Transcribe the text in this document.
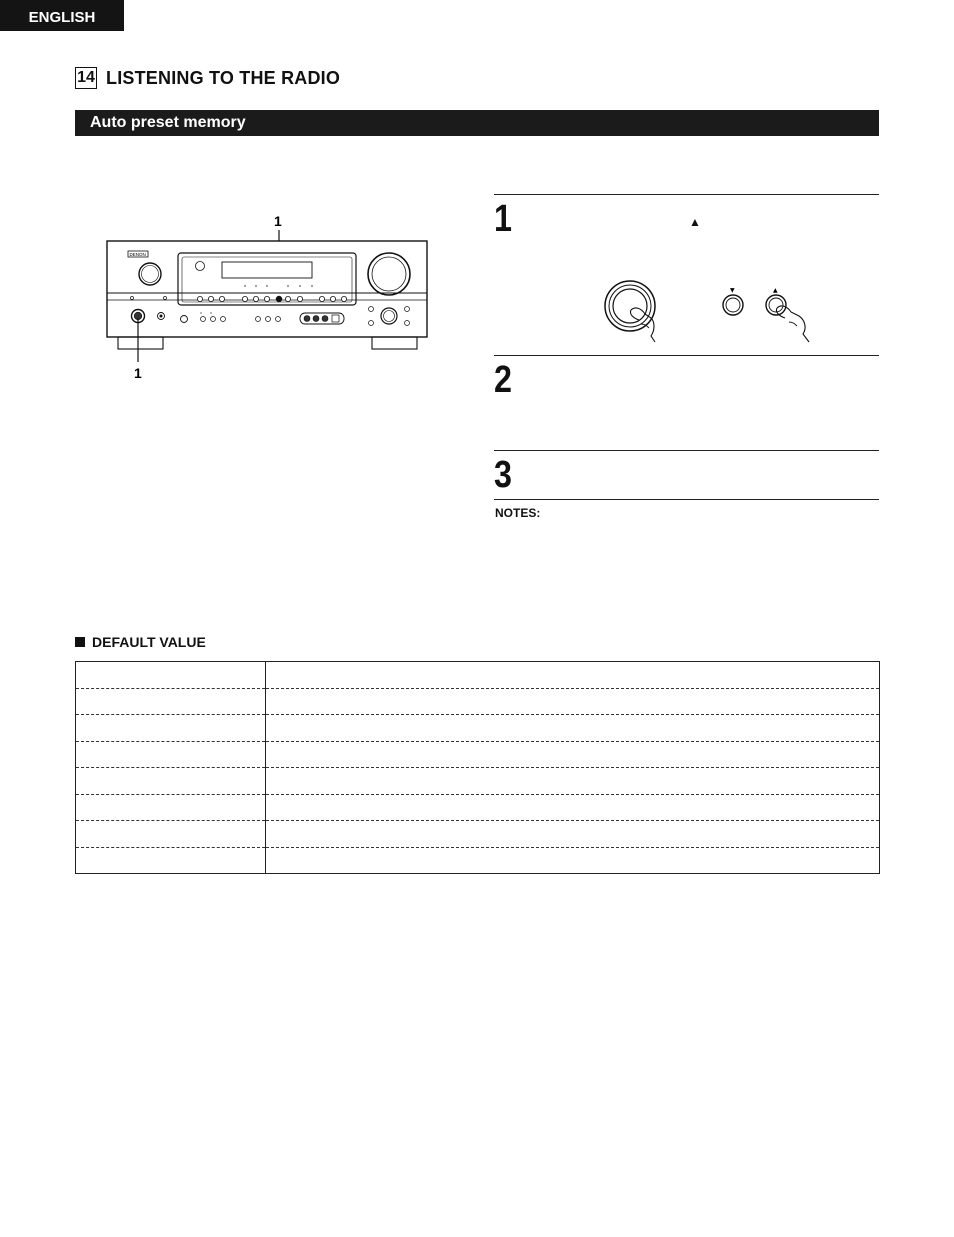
ENGLISH
14 LISTENING TO THE RADIO
Auto preset memory
1
DENON
1
1	▲
▼	▲
2
3
NOTES:
DEFAULT VALUE
